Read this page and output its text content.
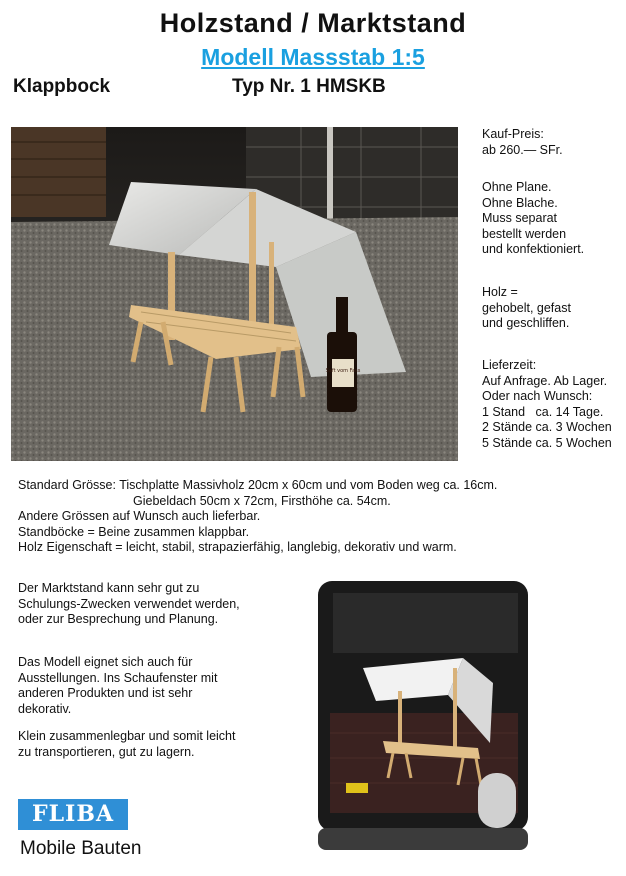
Holzstand / Marktstand
Modell Massstab 1:5
Klappbock	Typ Nr. 1 HMSKB
Saft vom Fass
Kauf-Preis:
ab 260.— SFr.
Ohne Plane.
Ohne Blache.
Muss separat
bestellt werden
und konfektioniert.
Holz =
gehobelt, gefast
und geschliffen.
Lieferzeit:
Auf Anfrage. Ab Lager.
Oder nach Wunsch:
1 Stand   ca. 14 Tage.
2 Stände ca. 3 Wochen
5 Stände ca. 5 Wochen
Standard Grösse: Tischplatte Massivholz 20cm x 60cm und vom Boden weg ca. 16cm.
Giebeldach 50cm x 72cm, Firsthöhe ca. 54cm.
Andere Grössen auf Wunsch auch lieferbar.
Standböcke = Beine zusammen klappbar.
Holz Eigenschaft = leicht, stabil, strapazierfähig, langlebig, dekorativ und warm.
Der Marktstand kann sehr gut zu Schulungs-Zwecken verwendet werden, oder zur Besprechung und Planung.
Das Modell eignet sich auch für Ausstellungen. Ins Schaufenster mit anderen Produkten und ist sehr dekorativ.
Klein zusammenlegbar und somit leicht zu transportieren, gut zu lagern.
FLIBA
Mobile Bauten
